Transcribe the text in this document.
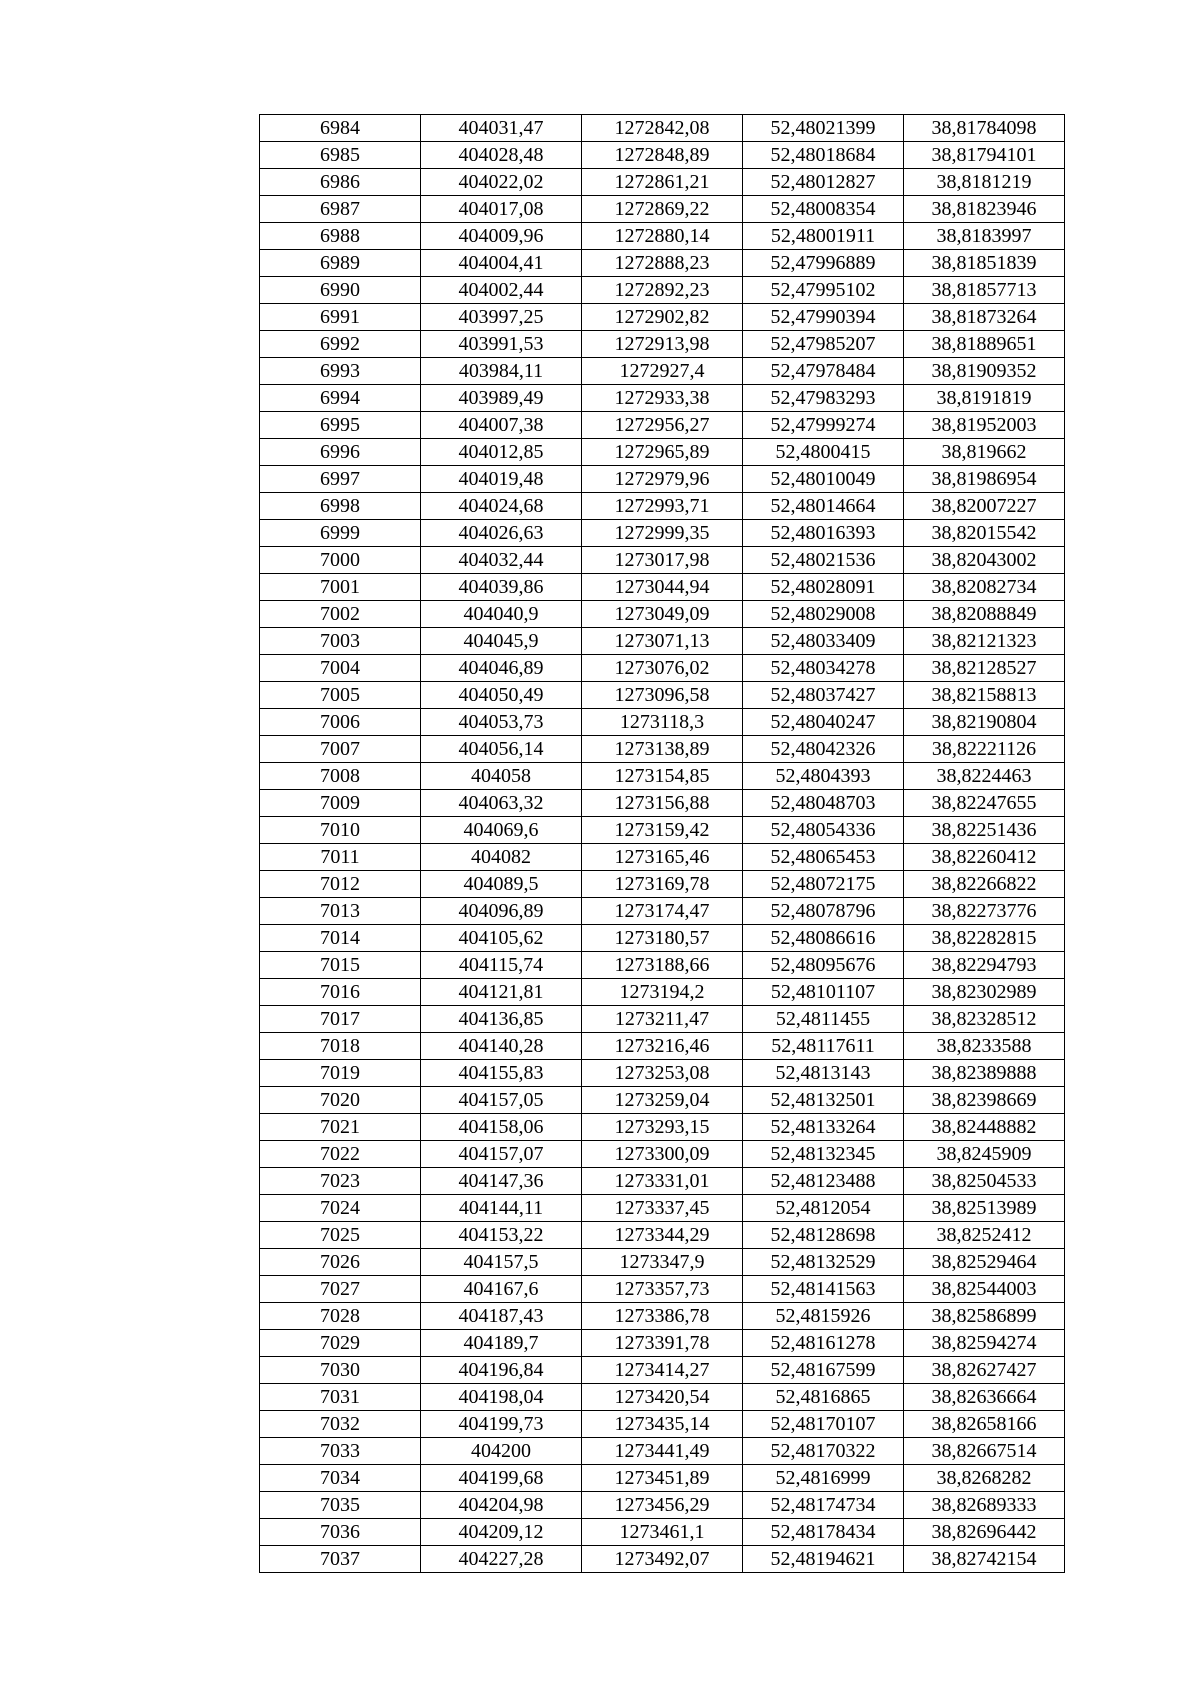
6984	404031,47	1272842,08	52,48021399	38,81784098
6985	404028,48	1272848,89	52,48018684	38,81794101
6986	404022,02	1272861,21	52,48012827	38,8181219
6987	404017,08	1272869,22	52,48008354	38,81823946
6988	404009,96	1272880,14	52,48001911	38,8183997
6989	404004,41	1272888,23	52,47996889	38,81851839
6990	404002,44	1272892,23	52,47995102	38,81857713
6991	403997,25	1272902,82	52,47990394	38,81873264
6992	403991,53	1272913,98	52,47985207	38,81889651
6993	403984,11	1272927,4	52,47978484	38,81909352
6994	403989,49	1272933,38	52,47983293	38,8191819
6995	404007,38	1272956,27	52,47999274	38,81952003
6996	404012,85	1272965,89	52,4800415	38,819662
6997	404019,48	1272979,96	52,48010049	38,81986954
6998	404024,68	1272993,71	52,48014664	38,82007227
6999	404026,63	1272999,35	52,48016393	38,82015542
7000	404032,44	1273017,98	52,48021536	38,82043002
7001	404039,86	1273044,94	52,48028091	38,82082734
7002	404040,9	1273049,09	52,48029008	38,82088849
7003	404045,9	1273071,13	52,48033409	38,82121323
7004	404046,89	1273076,02	52,48034278	38,82128527
7005	404050,49	1273096,58	52,48037427	38,82158813
7006	404053,73	1273118,3	52,48040247	38,82190804
7007	404056,14	1273138,89	52,48042326	38,82221126
7008	404058	1273154,85	52,4804393	38,8224463
7009	404063,32	1273156,88	52,48048703	38,82247655
7010	404069,6	1273159,42	52,48054336	38,82251436
7011	404082	1273165,46	52,48065453	38,82260412
7012	404089,5	1273169,78	52,48072175	38,82266822
7013	404096,89	1273174,47	52,48078796	38,82273776
7014	404105,62	1273180,57	52,48086616	38,82282815
7015	404115,74	1273188,66	52,48095676	38,82294793
7016	404121,81	1273194,2	52,48101107	38,82302989
7017	404136,85	1273211,47	52,4811455	38,82328512
7018	404140,28	1273216,46	52,48117611	38,8233588
7019	404155,83	1273253,08	52,4813143	38,82389888
7020	404157,05	1273259,04	52,48132501	38,82398669
7021	404158,06	1273293,15	52,48133264	38,82448882
7022	404157,07	1273300,09	52,48132345	38,8245909
7023	404147,36	1273331,01	52,48123488	38,82504533
7024	404144,11	1273337,45	52,4812054	38,82513989
7025	404153,22	1273344,29	52,48128698	38,8252412
7026	404157,5	1273347,9	52,48132529	38,82529464
7027	404167,6	1273357,73	52,48141563	38,82544003
7028	404187,43	1273386,78	52,4815926	38,82586899
7029	404189,7	1273391,78	52,48161278	38,82594274
7030	404196,84	1273414,27	52,48167599	38,82627427
7031	404198,04	1273420,54	52,4816865	38,82636664
7032	404199,73	1273435,14	52,48170107	38,82658166
7033	404200	1273441,49	52,48170322	38,82667514
7034	404199,68	1273451,89	52,4816999	38,8268282
7035	404204,98	1273456,29	52,48174734	38,82689333
7036	404209,12	1273461,1	52,48178434	38,82696442
7037	404227,28	1273492,07	52,48194621	38,82742154
